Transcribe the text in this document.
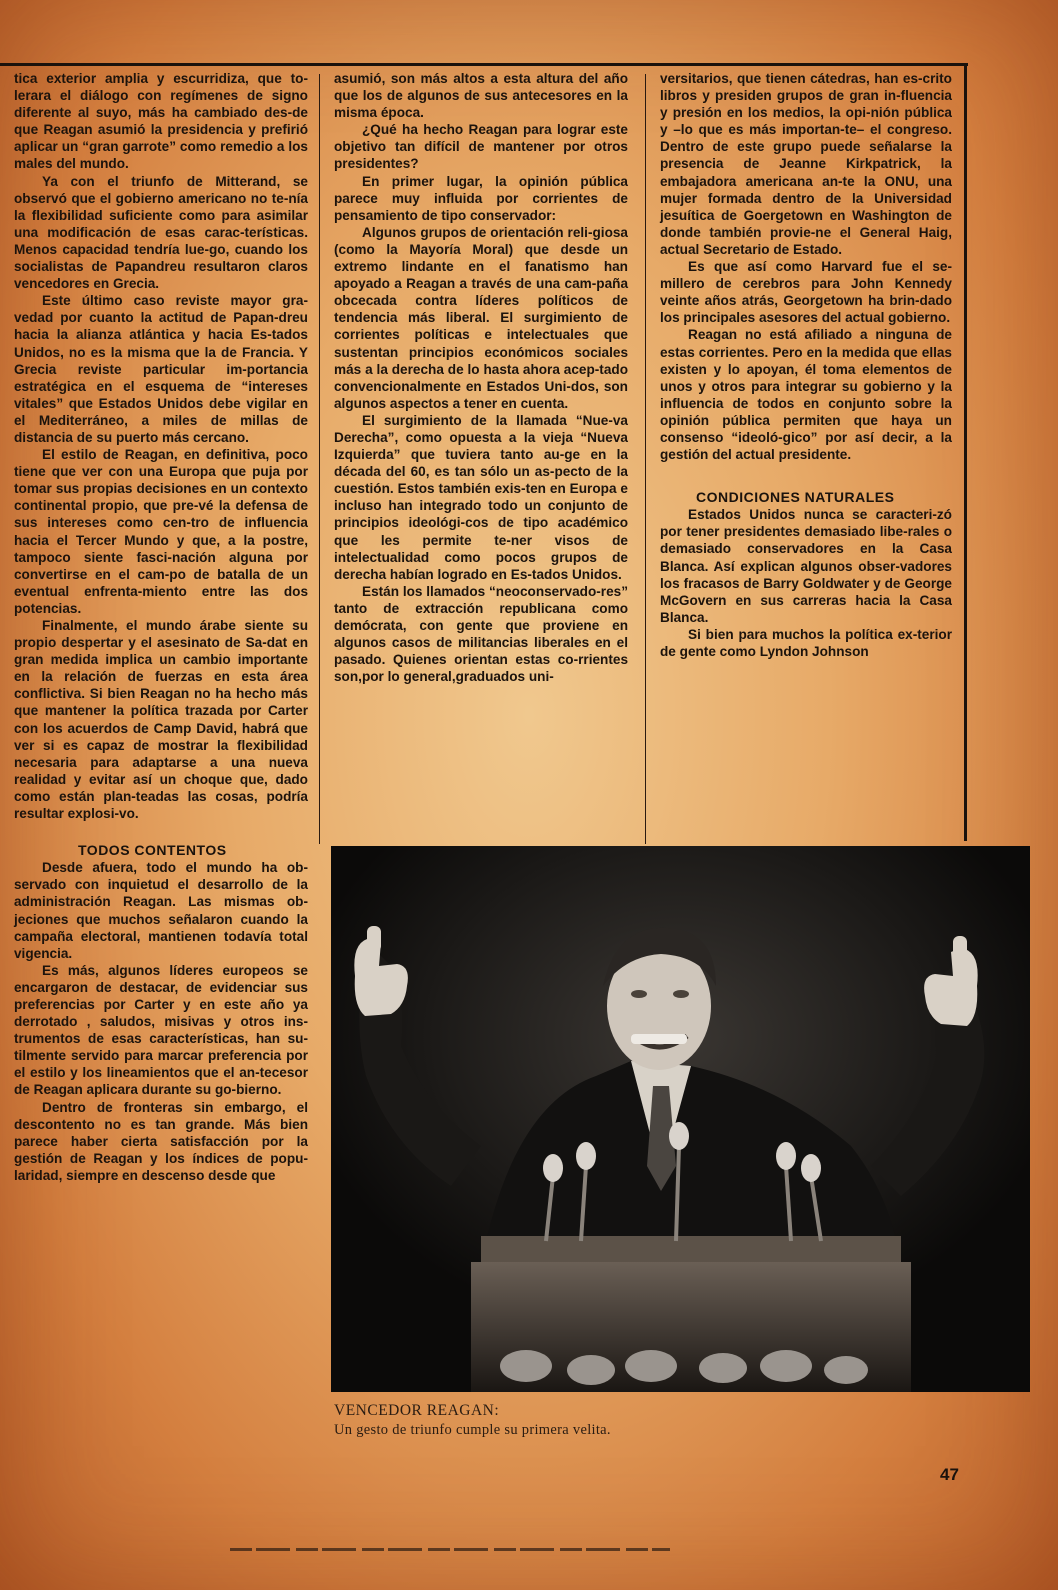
tica exterior amplia y escurridiza, que to-lerara el diálogo con regímenes de signo diferente al suyo, más ha cambiado des-de que Reagan asumió la presidencia y prefirió aplicar un “gran garrote” como remedio a los males del mundo.

Ya con el triunfo de Mitterand, se observó que el gobierno americano no te-nía la flexibilidad suficiente como para asimilar una modificación de esas carac-terísticas. Menos capacidad tendría lue-go, cuando los socialistas de Papandreu resultaron claros vencedores en Grecia.

Este último caso reviste mayor gra-vedad por cuanto la actitud de Papan-dreu hacia la alianza atlántica y hacia Es-tados Unidos, no es la misma que la de Francia. Y Grecia reviste particular im-portancia estratégica en el esquema de “intereses vitales” que Estados Unidos debe vigilar en el Mediterráneo, a miles de millas de distancia de su puerto más cercano.

El estilo de Reagan, en definitiva, poco tiene que ver con una Europa que puja por tomar sus propias decisiones en un contexto continental propio, que pre-vé la defensa de sus intereses como cen-tro de influencia hacia el Tercer Mundo y que, a la postre, tampoco siente fasci-nación alguna por convertirse en el cam-po de batalla de un eventual enfrenta-miento entre las dos potencias.

Finalmente, el mundo árabe siente su propio despertar y el asesinato de Sa-dat en gran medida implica un cambio importante en la relación de fuerzas en esta área conflictiva. Si bien Reagan no ha hecho más que mantener la política trazada por Carter con los acuerdos de Camp David, habrá que ver si es capaz de mostrar la flexibilidad necesaria para adaptarse a una nueva realidad y evitar así un choque que, dado como están plan-teadas las cosas, podría resultar explosi-vo.

TODOS CONTENTOS

Desde afuera, todo el mundo ha ob-servado con inquietud el desarrollo de la administración Reagan. Las mismas ob-jeciones que muchos señalaron cuando la campaña electoral, mantienen todavía total vigencia.

Es más, algunos líderes europeos se encargaron de destacar, de evidenciar sus preferencias por Carter y en este año ya derrotado , saludos, misivas y otros ins-trumentos de esas características, han su-tilmente servido para marcar preferencia por el estilo y los lineamientos que el an-tecesor de Reagan aplicara durante su go-bierno.

Dentro de fronteras sin embargo, el descontento no es tan grande. Más bien parece haber cierta satisfacción por la gestión de Reagan y los índices de popu-laridad, siempre en descenso desde que

asumió, son más altos a esta altura del año que los de algunos de sus antecesores en la misma época.

¿Qué ha hecho Reagan para lograr este objetivo tan difícil de mantener por otros presidentes?

En primer lugar, la opinión pública parece muy influida por corrientes de pensamiento de tipo conservador:

Algunos grupos de orientación reli-giosa (como la Mayoría Moral) que desde un extremo lindante en el fanatismo han apoyado a Reagan a través de una cam-paña obcecada contra líderes políticos de tendencia más liberal. El surgimiento de corrientes políticas e intelectuales que sustentan principios económicos sociales más a la derecha de lo hasta ahora acep-tado convencionalmente en Estados Uni-dos, son algunos aspectos a tener en cuenta.

El surgimiento de la llamada “Nue-va Derecha”, como opuesta a la vieja “Nueva Izquierda” que tuviera tanto au-ge en la década del 60, es tan sólo un as-pecto de la cuestión. Estos también exis-ten en Europa e incluso han integrado todo un conjunto de principios ideológi-cos de tipo académico que les permite te-ner visos de intelectualidad como pocos grupos de derecha habían logrado en Es-tados Unidos.

Están los llamados “neoconservado-res” tanto de extracción republicana como demócrata, con gente que proviene en algunos casos de militancias liberales en el pasado. Quienes orientan estas co-rrientes son,por lo general,graduados uni-

versitarios, que tienen cátedras, han es-crito libros y presiden grupos de gran in-fluencia y presión en los medios, la opi-nión pública y –lo que es más importan-te– el congreso. Dentro de este grupo puede señalarse la presencia de Jeanne Kirkpatrick, la embajadora americana an-te la ONU, una mujer formada dentro de la Universidad jesuítica de Goergetown en Washington de donde también provie-ne el General Haig, actual Secretario de Estado.

Es que así como Harvard fue el se-millero de cerebros para John Kennedy veinte años atrás, Georgetown ha brin-dado los principales asesores del actual gobierno.

Reagan no está afiliado a ninguna de estas corrientes. Pero en la medida que ellas existen y lo apoyan, él toma elementos de unos y otros para integrar su gobierno y la influencia de todos en conjunto sobre la opinión pública permiten que haya un consenso “ideoló-gico” por así decir, a la gestión del actual presidente.

CONDICIONES NATURALES

Estados Unidos nunca se caracteri-zó por tener presidentes demasiado libe-rales o demasiado conservadores en la Casa Blanca. Así explican algunos obser-vadores los fracasos de Barry Goldwater y de George McGovern en sus carreras hacia la Casa Blanca.

Si bien para muchos la política ex-terior de gente como Lyndon Johnson

VENCEDOR REAGAN:
Un gesto de triunfo cumple su primera velita.
47
